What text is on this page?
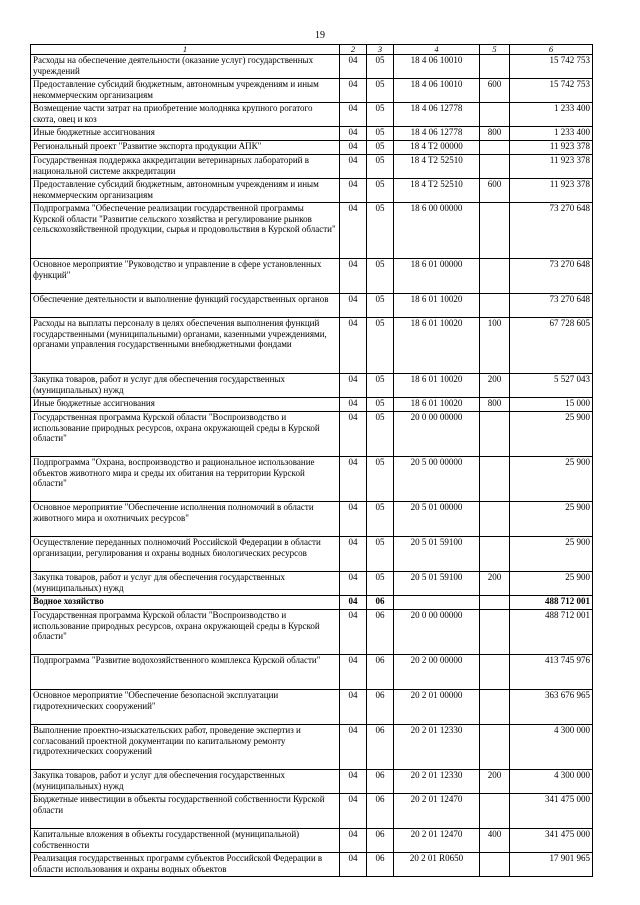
19
1	2	3	4	5	6
Расходы на обеспечение деятельности (оказание услуг) государственных учреждений	04	05	18 4 06 10010		15 742 753
Предоставление субсидий бюджетным, автономным учреждениям и иным некоммерческим организациям	04	05	18 4 06 10010	600	15 742 753
Возмещение части затрат на приобретение молодняка крупного рогатого скота, овец и коз	04	05	18 4 06 12778		1 233 400
Иные бюджетные ассигнования	04	05	18 4 06 12778	800	1 233 400
Региональный проект "Развитие экспорта продукции АПК"	04	05	18 4 T2 00000		11 923 378
Государственная поддержка аккредитации ветеринарных лабораторий в национальной системе аккредитации	04	05	18 4 T2 52510		11 923 378
Предоставление субсидий бюджетным, автономным учреждениям и иным некоммерческим организациям	04	05	18 4 T2 52510	600	11 923 378
Подпрограмма "Обеспечение реализации государственной программы Курской области "Развитие сельского хозяйства и регулирование рынков сельскохозяйственной продукции, сырья и продовольствия в Курской области"	04	05	18 6 00 00000		73 270 648
Основное мероприятие "Руководство и управление в сфере установленных функций"	04	05	18 6 01 00000		73 270 648
Обеспечение деятельности и выполнение функций государственных органов	04	05	18 6 01 10020		73 270 648
Расходы на выплаты персоналу в целях обеспечения выполнения функций государственными (муниципальными) органами, казенными учреждениями, органами управления государственными внебюджетными фондами	04	05	18 6 01 10020	100	67 728 605
Закупка товаров, работ и услуг для обеспечения государственных (муниципальных) нужд	04	05	18 6 01 10020	200	5 527 043
Иные бюджетные ассигнования	04	05	18 6 01 10020	800	15 000
Государственная программа Курской области "Воспроизводство и использование природных ресурсов, охрана окружающей среды в Курской области"	04	05	20 0 00 00000		25 900
Подпрограмма "Охрана, воспроизводство и рациональное использование объектов животного мира и среды их обитания на территории Курской области"	04	05	20 5 00 00000		25 900
Основное мероприятие "Обеспечение исполнения полномочий в области животного мира и охотничьих ресурсов"	04	05	20 5 01 00000		25 900
Осуществление переданных полномочий Российской Федерации в области организации, регулирования и охраны водных биологических ресурсов	04	05	20 5 01 59100		25 900
Закупка товаров, работ и услуг для обеспечения государственных (муниципальных) нужд	04	05	20 5 01 59100	200	25 900
Водное хозяйство	04	06			488 712 001
Государственная программа Курской области "Воспроизводство и использование природных ресурсов, охрана окружающей среды в Курской области"	04	06	20 0 00 00000		488 712 001
Подпрограмма "Развитие водохозяйственного комплекса Курской области"	04	06	20 2 00 00000		413 745 976
Основное мероприятие "Обеспечение безопасной эксплуатации гидротехнических сооружений"	04	06	20 2 01 00000		363 676 965
Выполнение проектно-изыскательских работ, проведение экспертиз и согласований проектной документации по капитальному ремонту гидротехнических сооружений	04	06	20 2 01 12330		4 300 000
Закупка товаров, работ и услуг для обеспечения государственных (муниципальных) нужд	04	06	20 2 01 12330	200	4 300 000
Бюджетные инвестиции в объекты государственной собственности Курской области	04	06	20 2 01 12470		341 475 000
Капитальные вложения в объекты государственной (муниципальной) собственности	04	06	20 2 01 12470	400	341 475 000
Реализация государственных программ субъектов Российской Федерации в области использования и охраны водных объектов	04	06	20 2 01 R0650		17 901 965
